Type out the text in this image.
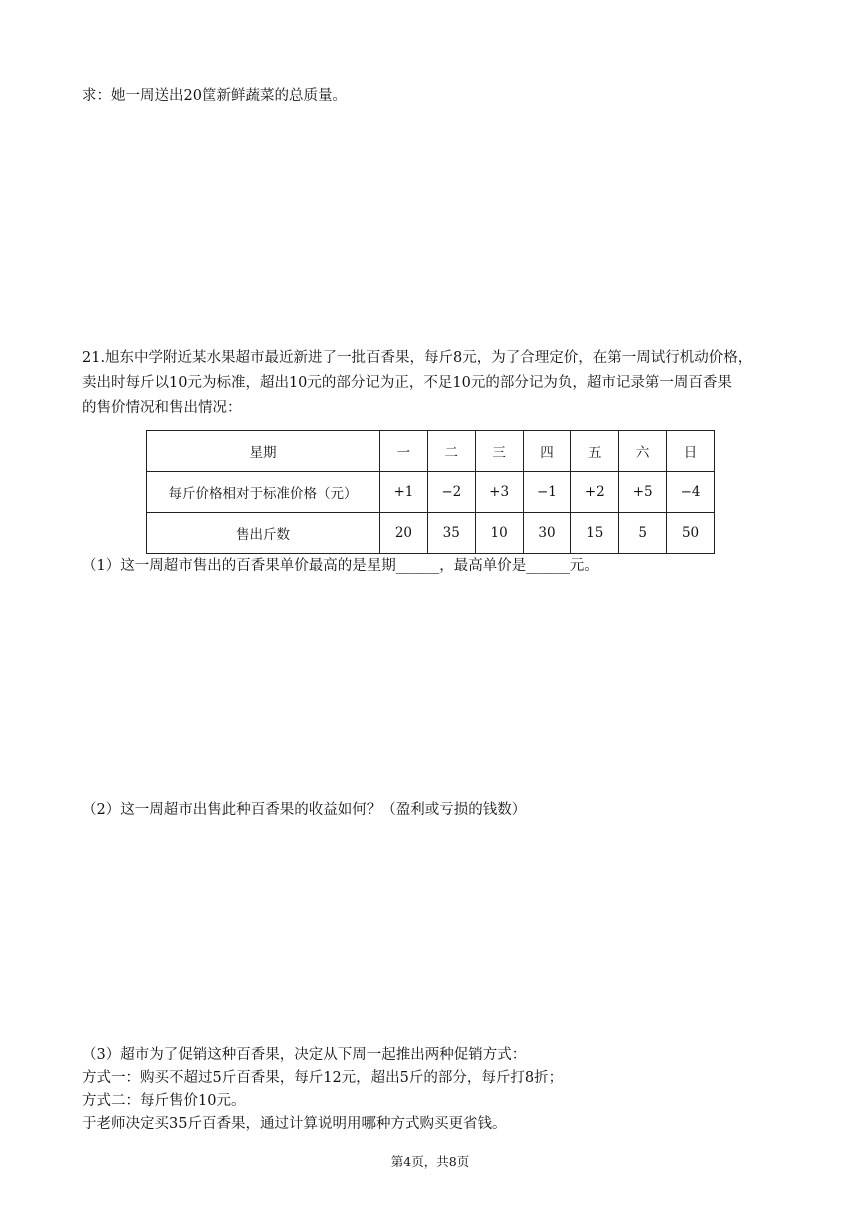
求：她一周送出20筐新鲜蔬菜的总质量。

21.旭东中学附近某水果超市最近新进了一批百香果，每斤8元，为了合理定价，在第一周试行机动价格，

卖出时每斤以10元为标准，超出10元的部分记为正，不足10元的部分记为负，超市记录第一周百香果

的售价情况和售出情况：

星期	一	二	三	四	五	六	日
每斤价格相对于标准价格（元）	+1	−2	+3	−1	+2	+5	−4
售出斤数	20	35	10	30	15	5	50
（1）这一周超市售出的百香果单价最高的是星期______，最高单价是______元。
（2）这一周超市出售此种百香果的收益如何？（盈利或亏损的钱数）

（3）超市为了促销这种百香果，决定从下周一起推出两种促销方式：

方式一：购买不超过5斤百香果，每斤12元，超出5斤的部分，每斤打8折；

方式二：每斤售价10元。

于老师决定买35斤百香果，通过计算说明用哪种方式购买更省钱。

第4页，共8页
